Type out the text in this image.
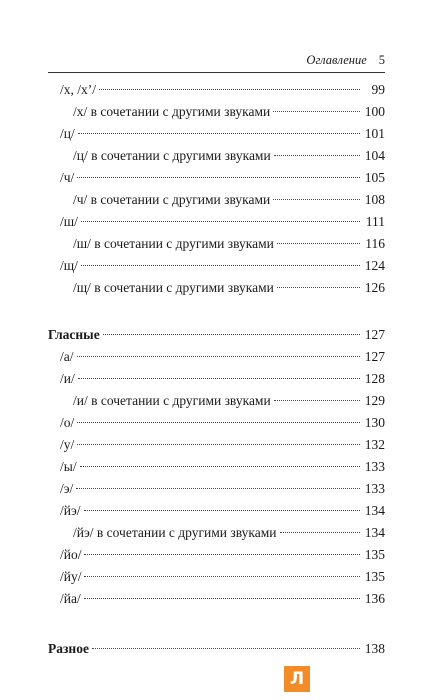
Оглавление 5
/х, /х’/	99
/х/ в сочетании с другими звуками	100
/ц/	101
/ц/ в сочетании с другими звуками	104
/ч/	105
/ч/ в сочетании с другими звуками	108
/ш/	111
/ш/ в сочетании с другими звуками	116
/щ/	124
/щ/ в сочетании с другими звуками	126
Гласные	127
/а/	127
/и/	128
/и/ в сочетании с другими звуками	129
/о/	130
/у/	132
/ы/	133
/э/	133
/йэ/	134
/йэ/ в сочетании с другими звуками	134
/йо/	135
/йу/	135
/йа/	136
Разное	138
Л
